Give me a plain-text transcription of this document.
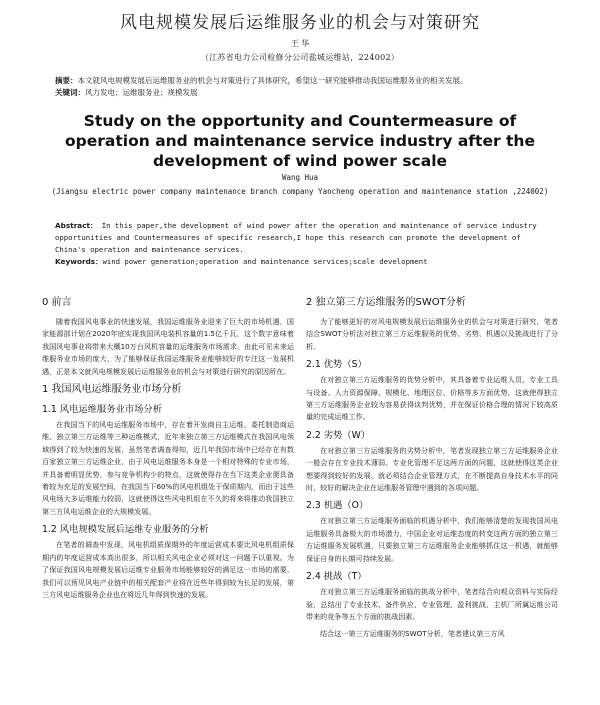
风电规模发展后运维服务业的机会与对策研究
王 华
（江苏省电力公司检修分公司盐城运维站，224002）
摘要：本文就风电规模发展后运维服务业的机会与对策进行了具体研究，希望这一研究能够推动我国运维服务业的相关发展。
关键词：风力发电；运维服务业；规模发展
Study on the opportunity and Countermeasure of operation and maintenance service industry after the development of wind power scale
Wang Hua
(Jiangsu electric power company maintenance branch company Yancheng operation and maintenance station ,224002)
Abstract： In this paper,the development of wind power after the operation and maintenance of service industry opportunities and Countermeasures of specific research,I hope this research can promote the development of China's operation and maintenance services.
Keywords：wind power generation;operation and maintenance services;scale development
0 前言
随着我国风电事业的快速发展，我国运维服务业迎来了巨大的市场机遇，国家能源部计划在2020年底实现我国风电装机容量的1.5亿千瓦，这个数字意味着我国风电事业将带来大概10万台风机容量的运维服务市场需求，由此可见未来运维服务业市场的庞大，为了能够保证我国运维服务业能够较好的专注这一发展机遇，正是本文就风电规模发展后运维服务业的机会与对策进行研究的原因所在。
1 我国风电运维服务业市场分析
1.1 风电运维服务业市场分析
在我国当下的风电运维服务市场中，存在着开发商自主运维、委托制造商运维、独立第三方运维等三种运维模式，近年来独立第三方运维模式在我国风电领域得到了较为快速的发展，虽然笔者调查得知，近几年我国市场中已经存在有数百家独立第三方运维企业，由于风电运维服务本身是一个相对特殊的专业市场，并具备着明显优势，参与竞争机构少的特点，这就使得存在当下这类企业便具备着较为充足的发展空间，在我国当下60%的风电机组处于保质期内，而由于这些风电场大多运维能力较弱，这就使得这些风电机组在不久的将来将推动我国独立第三方风电运维企业的大规模发展。
1.2 风电规模发展后运维专业服务的分析
在笔者的调查中发现，风电机组质保期外的年度运营成本要比风电机组质保期内的年度运营成本高出很多，所以相关风电企业必须对这一问题予以重视。为了保证我国风电规模发展后运维专业服务市场能够较好的满足这一市场的需要，我们可以预见风电产业链中的相关配套产业将在近些年得到较为长足的发展，第三方风电运维服务企业也在将近几年得到快速的发展。
2 独立第三方运维服务的SWOT分析
为了能够更好的对风电规模发展后运维服务业的机会与对策进行研究，笔者结合SWOT分析法对独立第三方运维服务的优势、劣势、机遇以及挑战进行了分析。
2.1 优势（S）
在对独立第三方运维服务的优势分析中，其具备着专业运维人员、专业工具与设备、人力资源保障、规模化、地理区位、价格等多方面优势，这就使得独立第三方运维服务企业较为容易获得谈判优势，并在保证价格合理的情况下较高质量的完成运维工作。
2.2 劣势（W）
在对独立第三方运维服务的劣势分析中，笔者发现独立第三方运维服务企业一般会存在专业技术薄弱、专业化管理不足这两方面的问题，这就使得这类企业想要得到较好的发展，就必须结合企业管理方式，在不断提高自身技术水平的同时，较好的解决企业在运维服务管理中遇到的各项问题。
2.3 机遇（O）
在对独立第三方运维服务面临的机遇分析中，我们能够清楚的发现我国风电运维服务具备极大的市场潜力，中国企业对运维态度的转变这两方面的独立第三方运维服务发展机遇，只要独立第三方运维服务企业能够抓住这一机遇，就能够保证自身的长期可持续发展。
2.4 挑战（T）
在对独立第三方运维服务面临的挑战分析中，笔者结合向观众资料与实际经验，总结出了专业技术、备件供应、专业管理、盈利挑战、主机厂所属运维公司带来的竞争等五个方面的挑战因素。
结合这一第三方运维服务的SWOT分析，笔者建议第三方风
